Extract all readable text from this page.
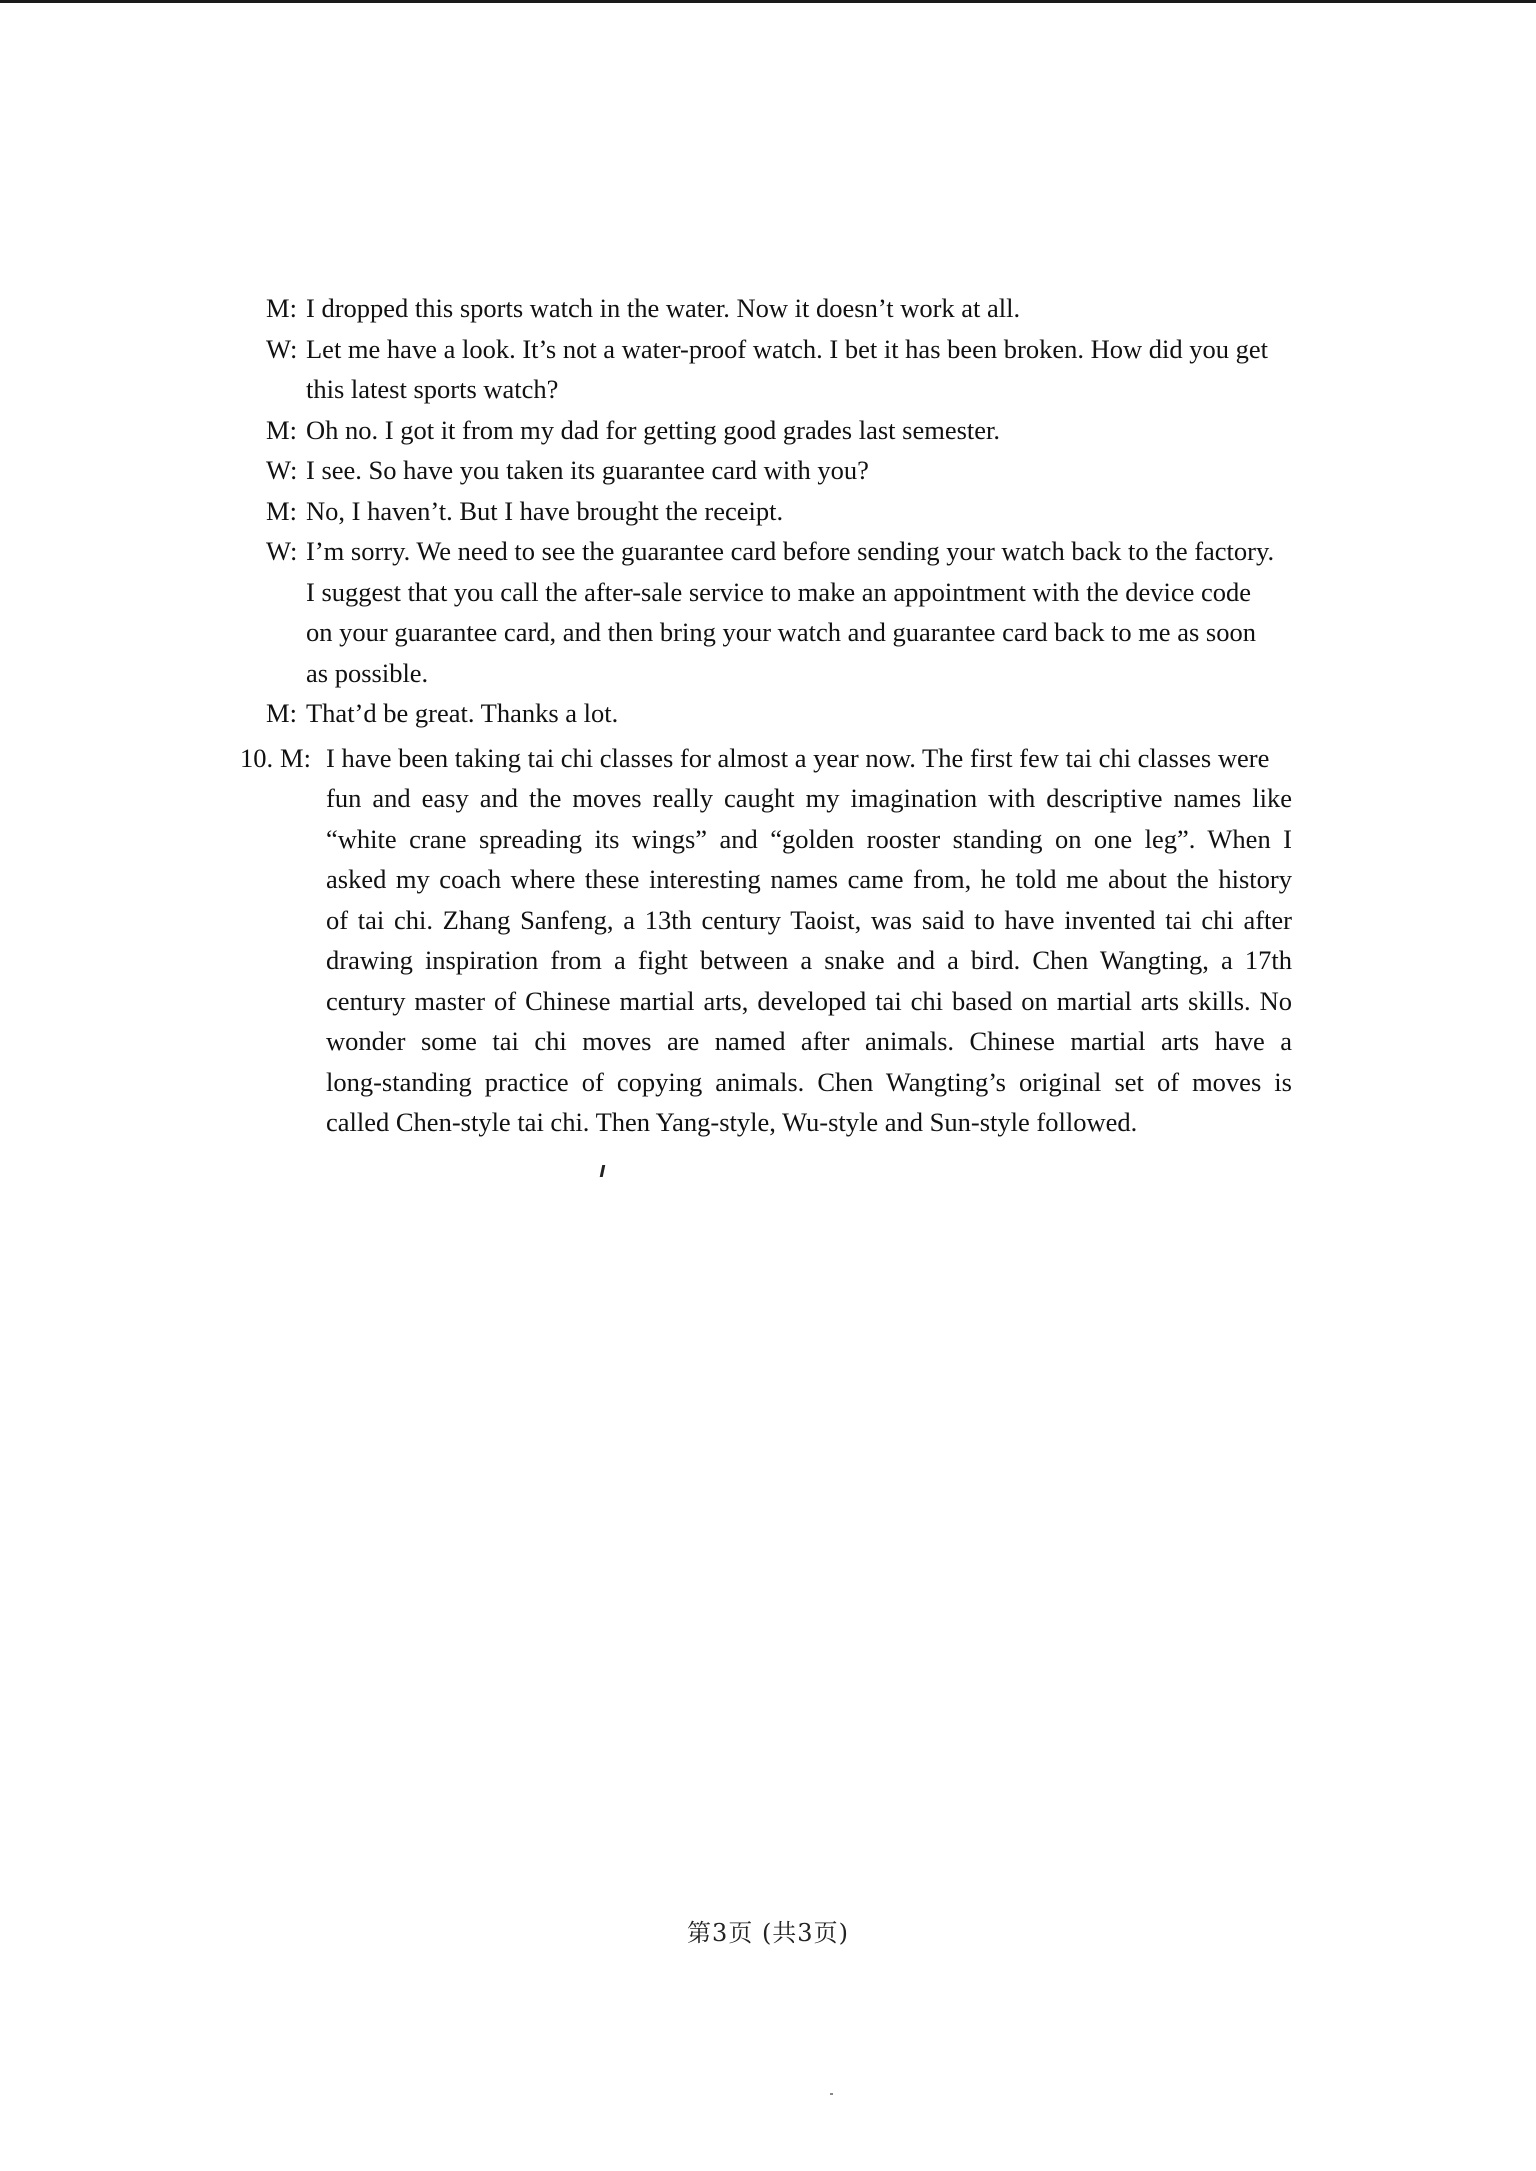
M: I dropped this sports watch in the water. Now it doesn’t work at all.
W: Let me have a look. It’s not a water-proof watch. I bet it has been broken. How did you get
this latest sports watch?
M: Oh no. I got it from my dad for getting good grades last semester.
W: I see. So have you taken its guarantee card with you?
M: No, I haven’t. But I have brought the receipt.
W: I’m sorry. We need to see the guarantee card before sending your watch back to the factory.
I suggest that you call the after-sale service to make an appointment with the device code
on your guarantee card, and then bring your watch and guarantee card back to me as soon
as possible.
M: That’d be great. Thanks a lot.
10. M: I have been taking tai chi classes for almost a year now. The first few tai chi classes were
fun and easy and the moves really caught my imagination with descriptive names like
“white crane spreading its wings” and “golden rooster standing on one leg”. When I
asked my coach where these interesting names came from, he told me about the history
of tai chi. Zhang Sanfeng, a 13th century Taoist, was said to have invented tai chi after
drawing inspiration from a fight between a snake and a bird. Chen Wangting, a 17th
century master of Chinese martial arts, developed tai chi based on martial arts skills. No
wonder some tai chi moves are named after animals. Chinese martial arts have a
long-standing practice of copying animals. Chen Wangting’s original set of moves is
called Chen-style tai chi. Then Yang-style, Wu-style and Sun-style followed.
第3页 (共3页)
